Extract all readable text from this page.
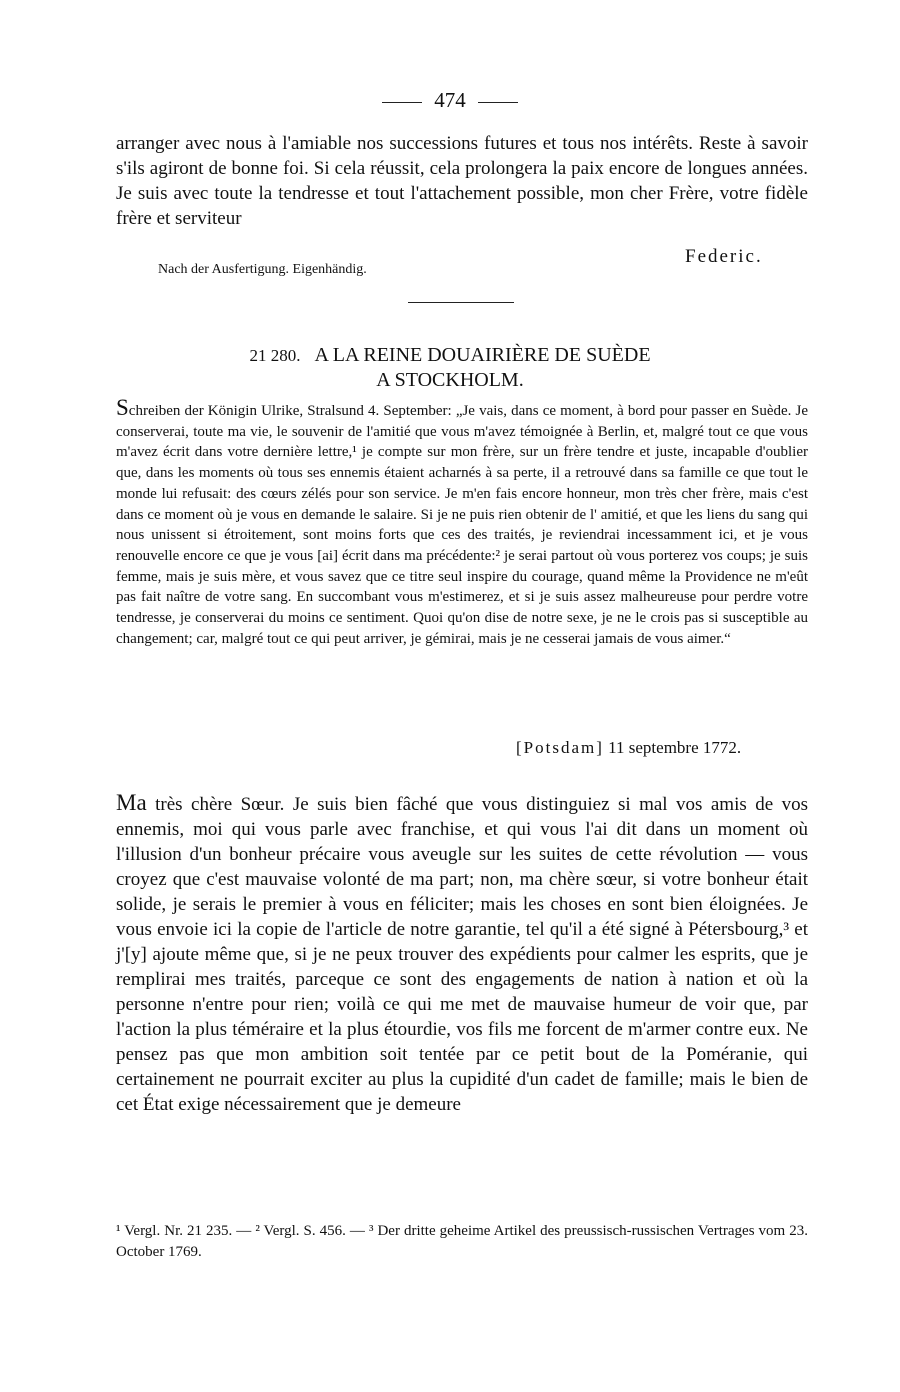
474

arranger avec nous à l'amiable nos successions futures et tous nos intérêts. Reste à savoir s'ils agiront de bonne foi. Si cela réussit, cela prolongera la paix encore de longues années. Je suis avec toute la tendresse et tout l'attachement possible, mon cher Frère, votre fidèle frère et serviteur

Federic.
Nach der Ausfertigung. Eigenhändig.
21 280. A LA REINE DOUAIRIÈRE DE SUÈDE
A STOCKHOLM.

Schreiben der Königin Ulrike, Stralsund 4. September: „Je vais, dans ce moment, à bord pour passer en Suède. Je conserverai, toute ma vie, le souvenir de l'amitié que vous m'avez témoignée à Berlin, et, malgré tout ce que vous m'avez écrit dans votre dernière lettre,¹ je compte sur mon frère, sur un frère tendre et juste, incapable d'oublier que, dans les moments où tous ses ennemis étaient acharnés à sa perte, il a retrouvé dans sa famille ce que tout le monde lui refusait: des cœurs zélés pour son service. Je m'en fais encore honneur, mon très cher frère, mais c'est dans ce moment où je vous en demande le salaire. Si je ne puis rien obtenir de l' amitié, et que les liens du sang qui nous unissent si étroitement, sont moins forts que ces des traités, je reviendrai incessamment ici, et je vous renouvelle encore ce que je vous [ai] écrit dans ma précédente:² je serai partout où vous porterez vos coups; je suis femme, mais je suis mère, et vous savez que ce titre seul inspire du courage, quand même la Providence ne m'eût pas fait naître de votre sang. En succombant vous m'estimerez, et si je suis assez malheureuse pour perdre votre tendresse, je conserverai du moins ce sentiment. Quoi qu'on dise de notre sexe, je ne le crois pas si susceptible au changement; car, malgré tout ce qui peut arriver, je gémirai, mais je ne cesserai jamais de vous aimer.“

[Potsdam] 11 septembre 1772.

Ma très chère Sœur. Je suis bien fâché que vous distinguiez si mal vos amis de vos ennemis, moi qui vous parle avec franchise, et qui vous l'ai dit dans un moment où l'illusion d'un bonheur précaire vous aveugle sur les suites de cette révolution — vous croyez que c'est mauvaise volonté de ma part; non, ma chère sœur, si votre bonheur était solide, je serais le premier à vous en féliciter; mais les choses en sont bien éloignées. Je vous envoie ici la copie de l'article de notre garantie, tel qu'il a été signé à Pétersbourg,³ et j'[y] ajoute même que, si je ne peux trouver des expédients pour calmer les esprits, que je remplirai mes traités, parceque ce sont des engagements de nation à nation et où la personne n'entre pour rien; voilà ce qui me met de mauvaise humeur de voir que, par l'action la plus téméraire et la plus étourdie, vos fils me forcent de m'armer contre eux. Ne pensez pas que mon ambition soit tentée par ce petit bout de la Poméranie, qui certainement ne pourrait exciter au plus la cupidité d'un cadet de famille; mais le bien de cet État exige nécessairement que je demeure

¹ Vergl. Nr. 21 235. — ² Vergl. S. 456. — ³ Der dritte geheime Artikel des preussisch-russischen Vertrages vom 23. October 1769.
